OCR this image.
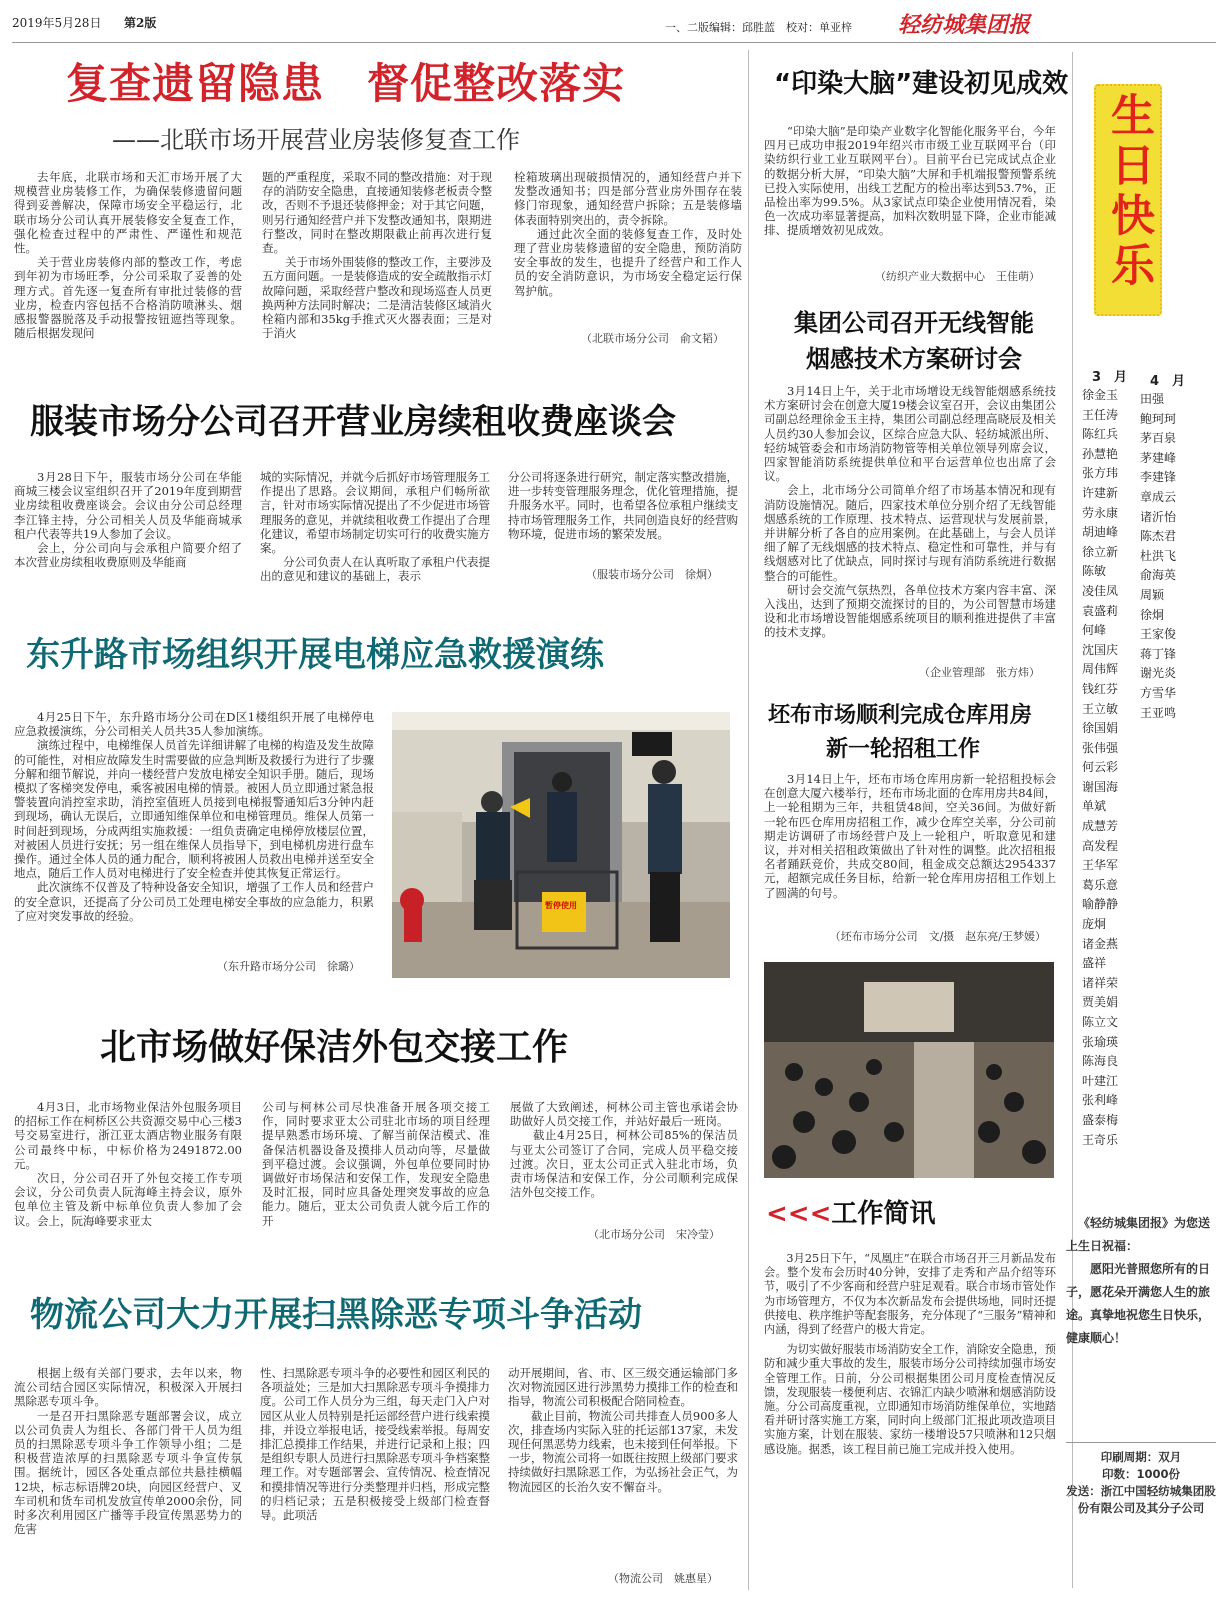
2019年5月28日 第2版	一、二版编辑：邱胜蓝　校对：单亚梓 轻纺城集团报
复查遗留隐患　督促整改落实
——北联市场开展营业房装修复查工作

去年底，北联市场和天汇市场开展了大规模营业房装修工作，为确保装修遗留问题得到妥善解决，保障市场安全平稳运行，北联市场分公司认真开展装修安全复查工作，强化检查过程中的严肃性、严谨性和规范性。

关于营业房装修内部的整改工作，考虑到年初为市场旺季，分公司采取了妥善的处理方式。首先逐一复查所有审批过装修的营业房，检查内容包括不合格消防喷淋头、烟感报警器脱落及手动报警按钮遮挡等现象。随后根据发现问

题的严重程度，采取不同的整改措施：对于现存的消防安全隐患，直接通知装修老板责令整改，否则不予退还装修押金；对于其它问题，则另行通知经营户并下发整改通知书，限期进行整改，同时在整改期限截止前再次进行复查。

关于市场外围装修的整改工作，主要涉及五方面问题。一是装修造成的安全疏散指示灯故障问题，采取经营户整改和现场巡查人员更换两种方法同时解决；二是清洁装修区域消火栓箱内部和35kg手推式灭火器表面；三是对于消火

栓箱玻璃出现破损情况的，通知经营户并下发整改通知书；四是部分营业房外围存在装修门帘现象，通知经营户拆除；五是装修墙体表面特别突出的，责令拆除。

通过此次全面的装修复查工作，及时处理了营业房装修遗留的安全隐患，预防消防安全事故的发生，也提升了经营户和工作人员的安全消防意识，为市场安全稳定运行保驾护航。

（北联市场分公司　俞文韬）
服装市场分公司召开营业房续租收费座谈会

3月28日下午，服装市场分公司在华能商城三楼会议室组织召开了2019年度到期营业房续租收费座谈会。会议由分公司总经理李江锋主持，分公司相关人员及华能商城承租户代表等共19人参加了会议。

会上，分公司向与会承租户简要介绍了本次营业房续租收费原则及华能商

城的实际情况，并就今后抓好市场管理服务工作提出了思路。会议期间，承租户们畅所欲言，针对市场实际情况提出了不少促进市场管理服务的意见，并就续租收费工作提出了合理化建议，希望市场制定切实可行的收费实施方案。

分公司负责人在认真听取了承租户代表提出的意见和建议的基础上，表示

分公司将逐条进行研究，制定落实整改措施，进一步转变管理服务理念，优化管理措施，提升服务水平。同时，也希望各位承租户继续支持市场管理服务工作，共同创造良好的经营购物环境，促进市场的繁荣发展。

（服装市场分公司　徐炯）
东升路市场组织开展电梯应急救援演练

4月25日下午，东升路市场分公司在D区1楼组织开展了电梯停电应急救援演练，分公司相关人员共35人参加演练。

演练过程中，电梯维保人员首先详细讲解了电梯的构造及发生故障的可能性，对相应故障发生时需要做的应急判断及救援行为进行了步骤分解和细节解说，并向一楼经营户发放电梯安全知识手册。随后，现场模拟了客梯突发停电，乘客被困电梯的情景。被困人员立即通过紧急报警装置向消控室求助，消控室值班人员接到电梯报警通知后3分钟内赶到现场，确认无误后，立即通知维保单位和电梯管理员。维保人员第一时间赶到现场，分成两组实施救援：一组负责确定电梯停放楼层位置，对被困人员进行安抚；另一组在维保人员指导下，到电梯机房进行盘车操作。通过全体人员的通力配合，顺利将被困人员救出电梯并送至安全地点，随后工作人员对电梯进行了安全检查并使其恢复正常运行。

此次演练不仅普及了特种设备安全知识，增强了工作人员和经营户的安全意识，还提高了分公司员工处理电梯安全事故的应急能力，积累了应对突发事故的经验。

（东升路市场分公司　徐璐）
暂停使用
北市场做好保洁外包交接工作

4月3日，北市场物业保洁外包服务项目的招标工作在柯桥区公共资源交易中心三楼3号交易室进行，浙江亚太酒店物业服务有限公司最终中标，中标价格为2491872.00元。

次日，分公司召开了外包交接工作专项会议，分公司负责人阮海峰主持会议，原外包单位主管及新中标单位负责人参加了会议。会上，阮海峰要求亚太

公司与柯林公司尽快准备开展各项交接工作，同时要求亚太公司驻北市场的项目经理提早熟悉市场环境、了解当前保洁模式、准备保洁机器设备及摸排人员动向等，尽量做到平稳过渡。会议强调，外包单位要同时协调做好市场保洁和安保工作，发现安全隐患及时汇报，同时应具备处理突发事故的应急能力。随后，亚太公司负责人就今后工作的开

展做了大致阐述，柯林公司主管也承诺会协助做好人员交接工作，并站好最后一班岗。

截止4月25日，柯林公司85%的保洁员与亚太公司签订了合同，完成人员平稳交接过渡。次日，亚太公司正式入驻北市场，负责市场保洁和安保工作，分公司顺利完成保洁外包交接工作。

（北市场分公司　宋冷莹）
物流公司大力开展扫黑除恶专项斗争活动

根据上级有关部门要求，去年以来，物流公司结合园区实际情况，积极深入开展扫黑除恶专项斗争。

一是召开扫黑除恶专题部署会议，成立以公司负责人为组长、各部门骨干人员为组员的扫黑除恶专项斗争工作领导小组；二是积极营造浓厚的扫黑除恶专项斗争宣传氛围。据统计，园区各处重点部位共悬挂横幅12块，标志标语牌20块，向园区经营户、叉车司机和货车司机发放宣传单2000余份，同时多次利用园区广播等手段宣传黑恶势力的危害

性、扫黑除恶专项斗争的必要性和园区利民的各项益处；三是加大扫黑除恶专项斗争摸排力度。公司工作人员分为三组，每天走门入户对园区从业人员特别是托运部经营户进行线索摸排，并设立举报电话，接受线索举报。每周安排汇总摸排工作结果，并进行记录和上报；四是组织专职人员进行扫黑除恶专项斗争档案整理工作。对专题部署会、宣传情况、检查情况和摸排情况等进行分类整理并归档，形成完整的归档记录；五是积极接受上级部门检查督导。此项活

动开展期间，省、市、区三级交通运输部门多次对物流园区进行涉黑势力摸排工作的检查和指导，物流公司积极配合陪同检查。

截止目前，物流公司共排查人员900多人次，排查场内实际入驻的托运部137家，未发现任何黑恶势力线索，也未接到任何举报。下一步，物流公司将一如既往按照上级部门要求持续做好扫黑除恶工作，为弘扬社会正气，为物流园区的长治久安不懈奋斗。

（物流公司　姚惠星）
“印染大脑”建设初见成效

“印染大脑”是印染产业数字化智能化服务平台，今年四月已成功申报2019年绍兴市市级工业互联网平台（印染纺织行业工业互联网平台）。目前平台已完成试点企业的数据分析大屏，“印染大脑”大屏和手机端报警预警系统已投入实际使用，出线工艺配方的检出率达到53.7%，正品检出率为99.5%。从3家试点印染企业使用情况看，染色一次成功率显著提高，加料次数明显下降，企业市能减排、提质增效初见成效。

（纺织产业大数据中心　王佳萌）
集团公司召开无线智能
烟感技术方案研讨会

3月14日上午，关于北市场增设无线智能烟感系统技术方案研讨会在创意大厦19楼会议室召开，会议由集团公司副总经理徐金玉主持，集团公司副总经理高晓辰及相关人员约30人参加会议，区综合应急大队、轻纺城派出所、轻纺城管委会和市场消防物管等相关单位领导列席会议，四家智能消防系统提供单位和平台运营单位也出席了会议。

会上，北市场分公司简单介绍了市场基本情况和现有消防设施情况。随后，四家技术单位分别介绍了无线智能烟感系统的工作原理、技术特点、运营现状与发展前景，并讲解分析了各自的应用案例。在此基础上，与会人员详细了解了无线烟感的技术特点、稳定性和可靠性，并与有线烟感对比了优缺点，同时探讨与现有消防系统进行数据整合的可能性。

研讨会交流气氛热烈，各单位技术方案内容丰富、深入浅出，达到了预期交流探讨的目的，为公司智慧市场建设和北市场增设智能烟感系统项目的顺利推进提供了丰富的技术支撑。

（企业管理部　张方炜）
坯布市场顺利完成仓库用房
新一轮招租工作

3月14日上午，坯布市场仓库用房新一轮招租投标会在创意大厦六楼举行，坯布市场北面的仓库用房共84间，上一轮租期为三年，共租赁48间，空关36间。为做好新一轮布匹仓库用房招租工作，减少仓库空关率，分公司前期走访调研了市场经营户及上一轮租户，听取意见和建议，并对相关招租政策做出了针对性的调整。此次招租报名者踊跃竞价，共成交80间，租金成交总额达2954337元，超额完成任务目标，给新一轮仓库用房招租工作划上了圆满的句号。

（坯布市场分公司　文/摄　赵东亮/王梦媛）
<<<工作简讯

3月25日下午，“凤凰庄”在联合市场召开三月新品发布会。整个发布会历时40分钟，安排了走秀和产品介绍等环节，吸引了不少客商和经营户驻足观看。联合市场市管处作为市场管理方，不仅为本次新品发布会提供场地，同时还提供接电、秩序维护等配套服务，充分体现了“三服务”精神和内涵，得到了经营户的极大肯定。

为切实做好服装市场消防安全工作，消除安全隐患，预防和减少重大事故的发生，服装市场分公司持续加强市场安全管理工作。日前，分公司根据集团公司月度检查情况反馈，发现服装一楼便利店、衣锦汇内缺少喷淋和烟感消防设施。分公司高度重视，立即通知市场消防维保单位，实地踏看并研讨落实施工方案，同时向上级部门汇报此项改造项目实施方案，计划在服装、家纺一楼增设57只喷淋和12只烟感设施。据悉，该工程目前已施工完成并投入使用。

生日快乐
3　月 4　月
徐金玉
王任涛
陈红兵
孙慧艳
张方玮
许建新
劳永康
胡迪峰
徐立新
陈敏
凌佳凤
袁盛莉
何峰
沈国庆
周伟辉
钱红芬
王立敏
徐国娟
张伟强
何云彩
谢国海
单斌
成慧芳
高发程
王华军
葛乐意
喻静静
庞炯
诸金燕
盛祥
诸祥荣
贾美娟
陈立文
张瑜瑛
陈海良
叶建江
张利峰
盛泰梅
王奇乐
田强
鲍珂珂
茅百泉
茅建峰
李建锋
章成云
诸沂怡
陈杰君
杜洪飞
俞海英
周颖
徐炯
王家俊
蒋丁锋
谢光炎
方雪华
王亚鸣

《轻纺城集团报》为您送上生日祝福：

愿阳光普照您所有的日子，愿花朵开满您人生的旅途。真挚地祝您生日快乐，健康顺心！

印刷周期：双月
印数：1000份
发送：浙江中国轻纺城集团股份有限公司及其分子公司
